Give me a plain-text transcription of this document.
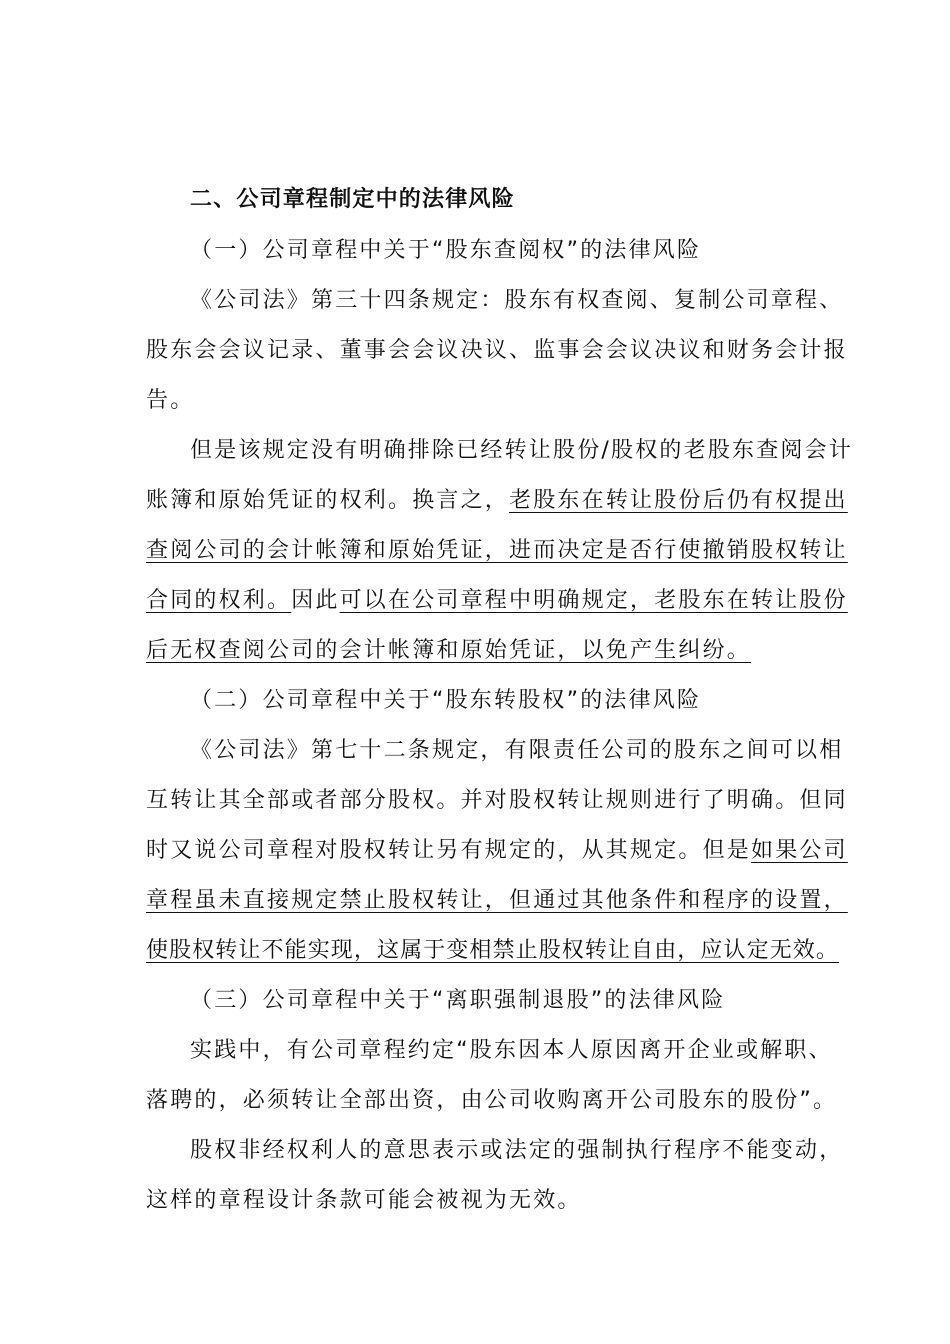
二、公司章程制定中的法律风险
（一）公司章程中关于“股东查阅权”的法律风险
《公司法》第三十四条规定：股东有权查阅、复制公司章程、
股东会会议记录、董事会会议决议、监事会会议决议和财务会计报
告。
但是该规定没有明确排除已经转让股份/股权的老股东查阅会计
账簿和原始凭证的权利。换言之，老股东在转让股份后仍有权提出
查阅公司的会计帐簿和原始凭证，进而决定是否行使撤销股权转让
合同的权利。因此可以在公司章程中明确规定，老股东在转让股份
后无权查阅公司的会计帐簿和原始凭证，以免产生纠纷。
（二）公司章程中关于“股东转股权”的法律风险
《公司法》第七十二条规定，有限责任公司的股东之间可以相
互转让其全部或者部分股权。并对股权转让规则进行了明确。但同
时又说公司章程对股权转让另有规定的，从其规定。但是如果公司
章程虽未直接规定禁止股权转让，但通过其他条件和程序的设置，
使股权转让不能实现，这属于变相禁止股权转让自由，应认定无效。
（三）公司章程中关于“离职强制退股”的法律风险
实践中，有公司章程约定“股东因本人原因离开企业或解职、
落聘的，必须转让全部出资，由公司收购离开公司股东的股份”。
股权非经权利人的意思表示或法定的强制执行程序不能变动，
这样的章程设计条款可能会被视为无效。
